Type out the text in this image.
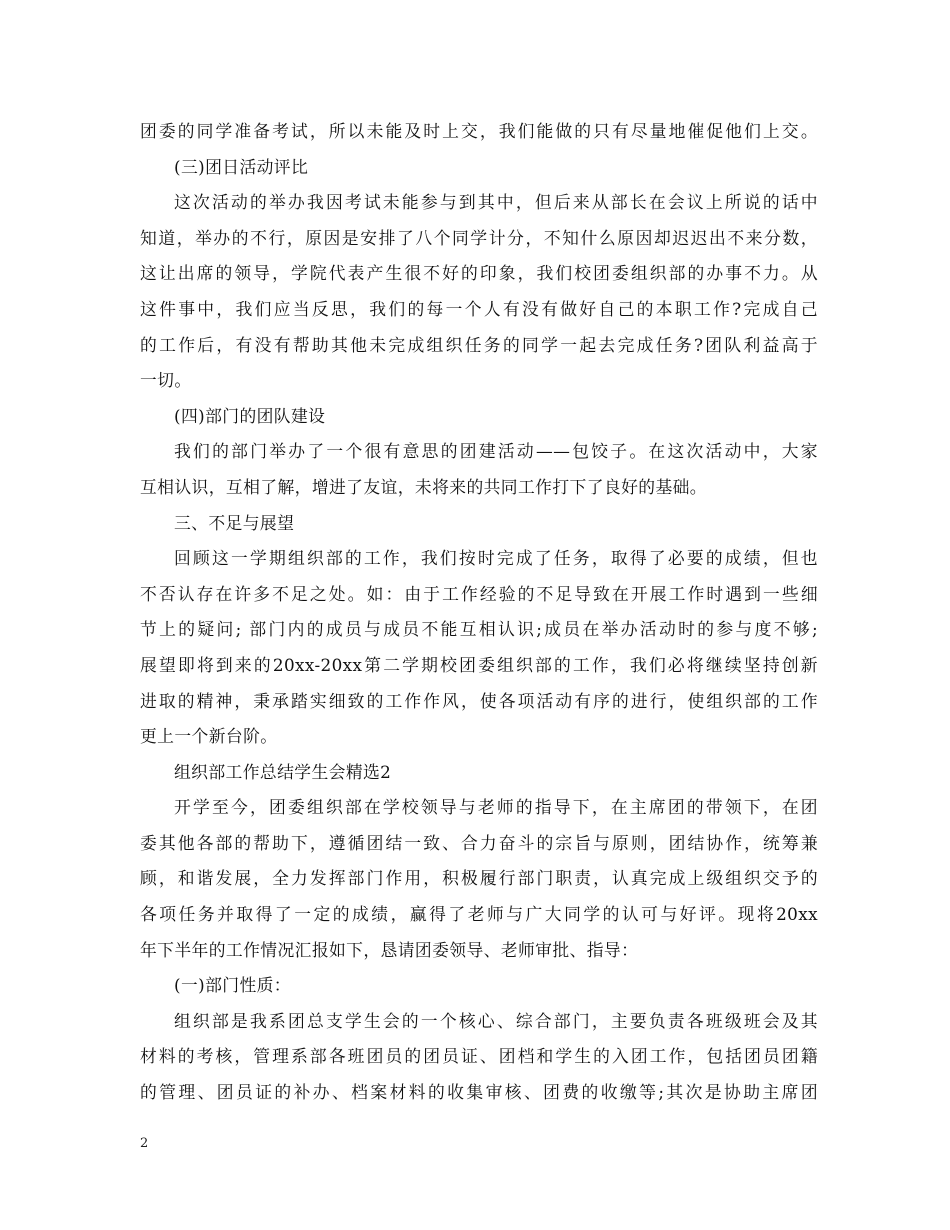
团委的同学准备考试，所以未能及时上交，我们能做的只有尽量地催促他们上交。
(三)团日活动评比
这次活动的举办我因考试未能参与到其中，但后来从部长在会议上所说的话中
知道，举办的不行，原因是安排了八个同学计分，不知什么原因却迟迟出不来分数，
这让出席的领导，学院代表产生很不好的印象，我们校团委组织部的办事不力。从
这件事中，我们应当反思，我们的每一个人有没有做好自己的本职工作?完成自己
的工作后，有没有帮助其他未完成组织任务的同学一起去完成任务?团队利益高于
一切。
(四)部门的团队建设
我们的部门举办了一个很有意思的团建活动——包饺子。在这次活动中，大家
互相认识，互相了解，增进了友谊，未将来的共同工作打下了良好的基础。
三、不足与展望
回顾这一学期组织部的工作，我们按时完成了任务，取得了必要的成绩，但也
不否认存在许多不足之处。如：由于工作经验的不足导致在开展工作时遇到一些细
节上的疑问; 部门内的成员与成员不能互相认识;成员在举办活动时的参与度不够;
展望即将到来的20xx-20xx第二学期校团委组织部的工作，我们必将继续坚持创新
进取的精神，秉承踏实细致的工作作风，使各项活动有序的进行，使组织部的工作
更上一个新台阶。
组织部工作总结学生会精选2
开学至今，团委组织部在学校领导与老师的指导下，在主席团的带领下，在团
委其他各部的帮助下，遵循团结一致、合力奋斗的宗旨与原则，团结协作，统筹兼
顾，和谐发展，全力发挥部门作用，积极履行部门职责，认真完成上级组织交予的
各项任务并取得了一定的成绩，赢得了老师与广大同学的认可与好评。现将20xx
年下半年的工作情况汇报如下，恳请团委领导、老师审批、指导：
(一)部门性质：
组织部是我系团总支学生会的一个核心、综合部门，主要负责各班级班会及其
材料的考核，管理系部各班团员的团员证、团档和学生的入团工作，包括团员团籍
的管理、团员证的补办、档案材料的收集审核、团费的收缴等;其次是协助主席团
2
